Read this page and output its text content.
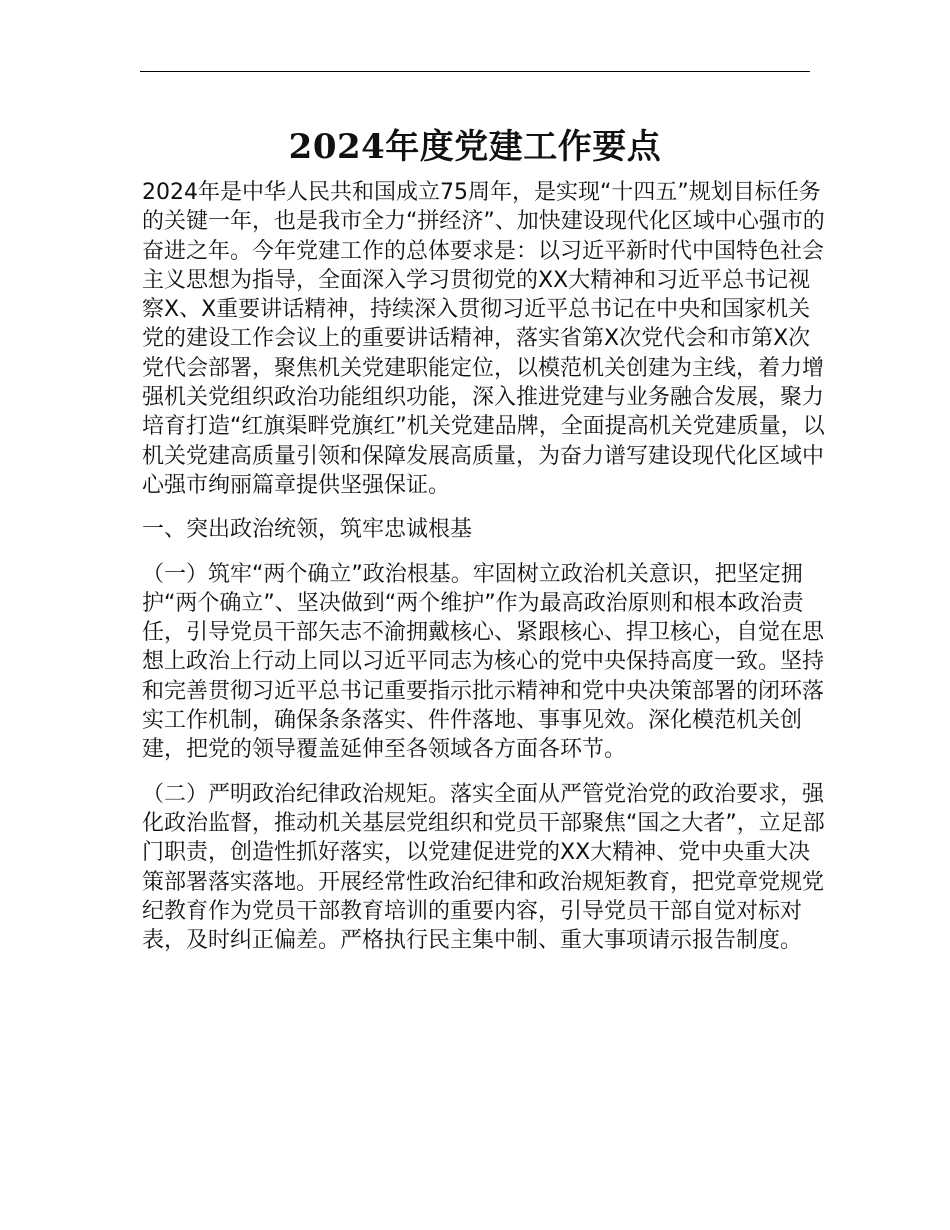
2024年度党建工作要点

2024年是中华人民共和国成立75周年，是实现“十四五”规划目标任务的关键一年，也是我市全力“拼经济”、加快建设现代化区域中心强市的奋进之年。今年党建工作的总体要求是：以习近平新时代中国特色社会主义思想为指导，全面深入学习贯彻党的XX大精神和习近平总书记视察X、X重要讲话精神，持续深入贯彻习近平总书记在中央和国家机关党的建设工作会议上的重要讲话精神，落实省第X次党代会和市第X次党代会部署，聚焦机关党建职能定位，以模范机关创建为主线，着力增强机关党组织政治功能组织功能，深入推进党建与业务融合发展，聚力培育打造“红旗渠畔党旗红”机关党建品牌，全面提高机关党建质量，以机关党建高质量引领和保障发展高质量，为奋力谱写建设现代化区域中心强市绚丽篇章提供坚强保证。

一、突出政治统领，筑牢忠诚根基

（一）筑牢“两个确立”政治根基。牢固树立政治机关意识，把坚定拥护“两个确立”、坚决做到“两个维护”作为最高政治原则和根本政治责任，引导党员干部矢志不渝拥戴核心、紧跟核心、捍卫核心，自觉在思想上政治上行动上同以习近平同志为核心的党中央保持高度一致。坚持和完善贯彻习近平总书记重要指示批示精神和党中央决策部署的闭环落实工作机制，确保条条落实、件件落地、事事见效。深化模范机关创建，把党的领导覆盖延伸至各领域各方面各环节。

（二）严明政治纪律政治规矩。落实全面从严管党治党的政治要求，强化政治监督，推动机关基层党组织和党员干部聚焦“国之大者”，立足部门职责，创造性抓好落实，以党建促进党的XX大精神、党中央重大决策部署落实落地。开展经常性政治纪律和政治规矩教育，把党章党规党纪教育作为党员干部教育培训的重要内容，引导党员干部自觉对标对表，及时纠正偏差。严格执行民主集中制、重大事项请示报告制度。
